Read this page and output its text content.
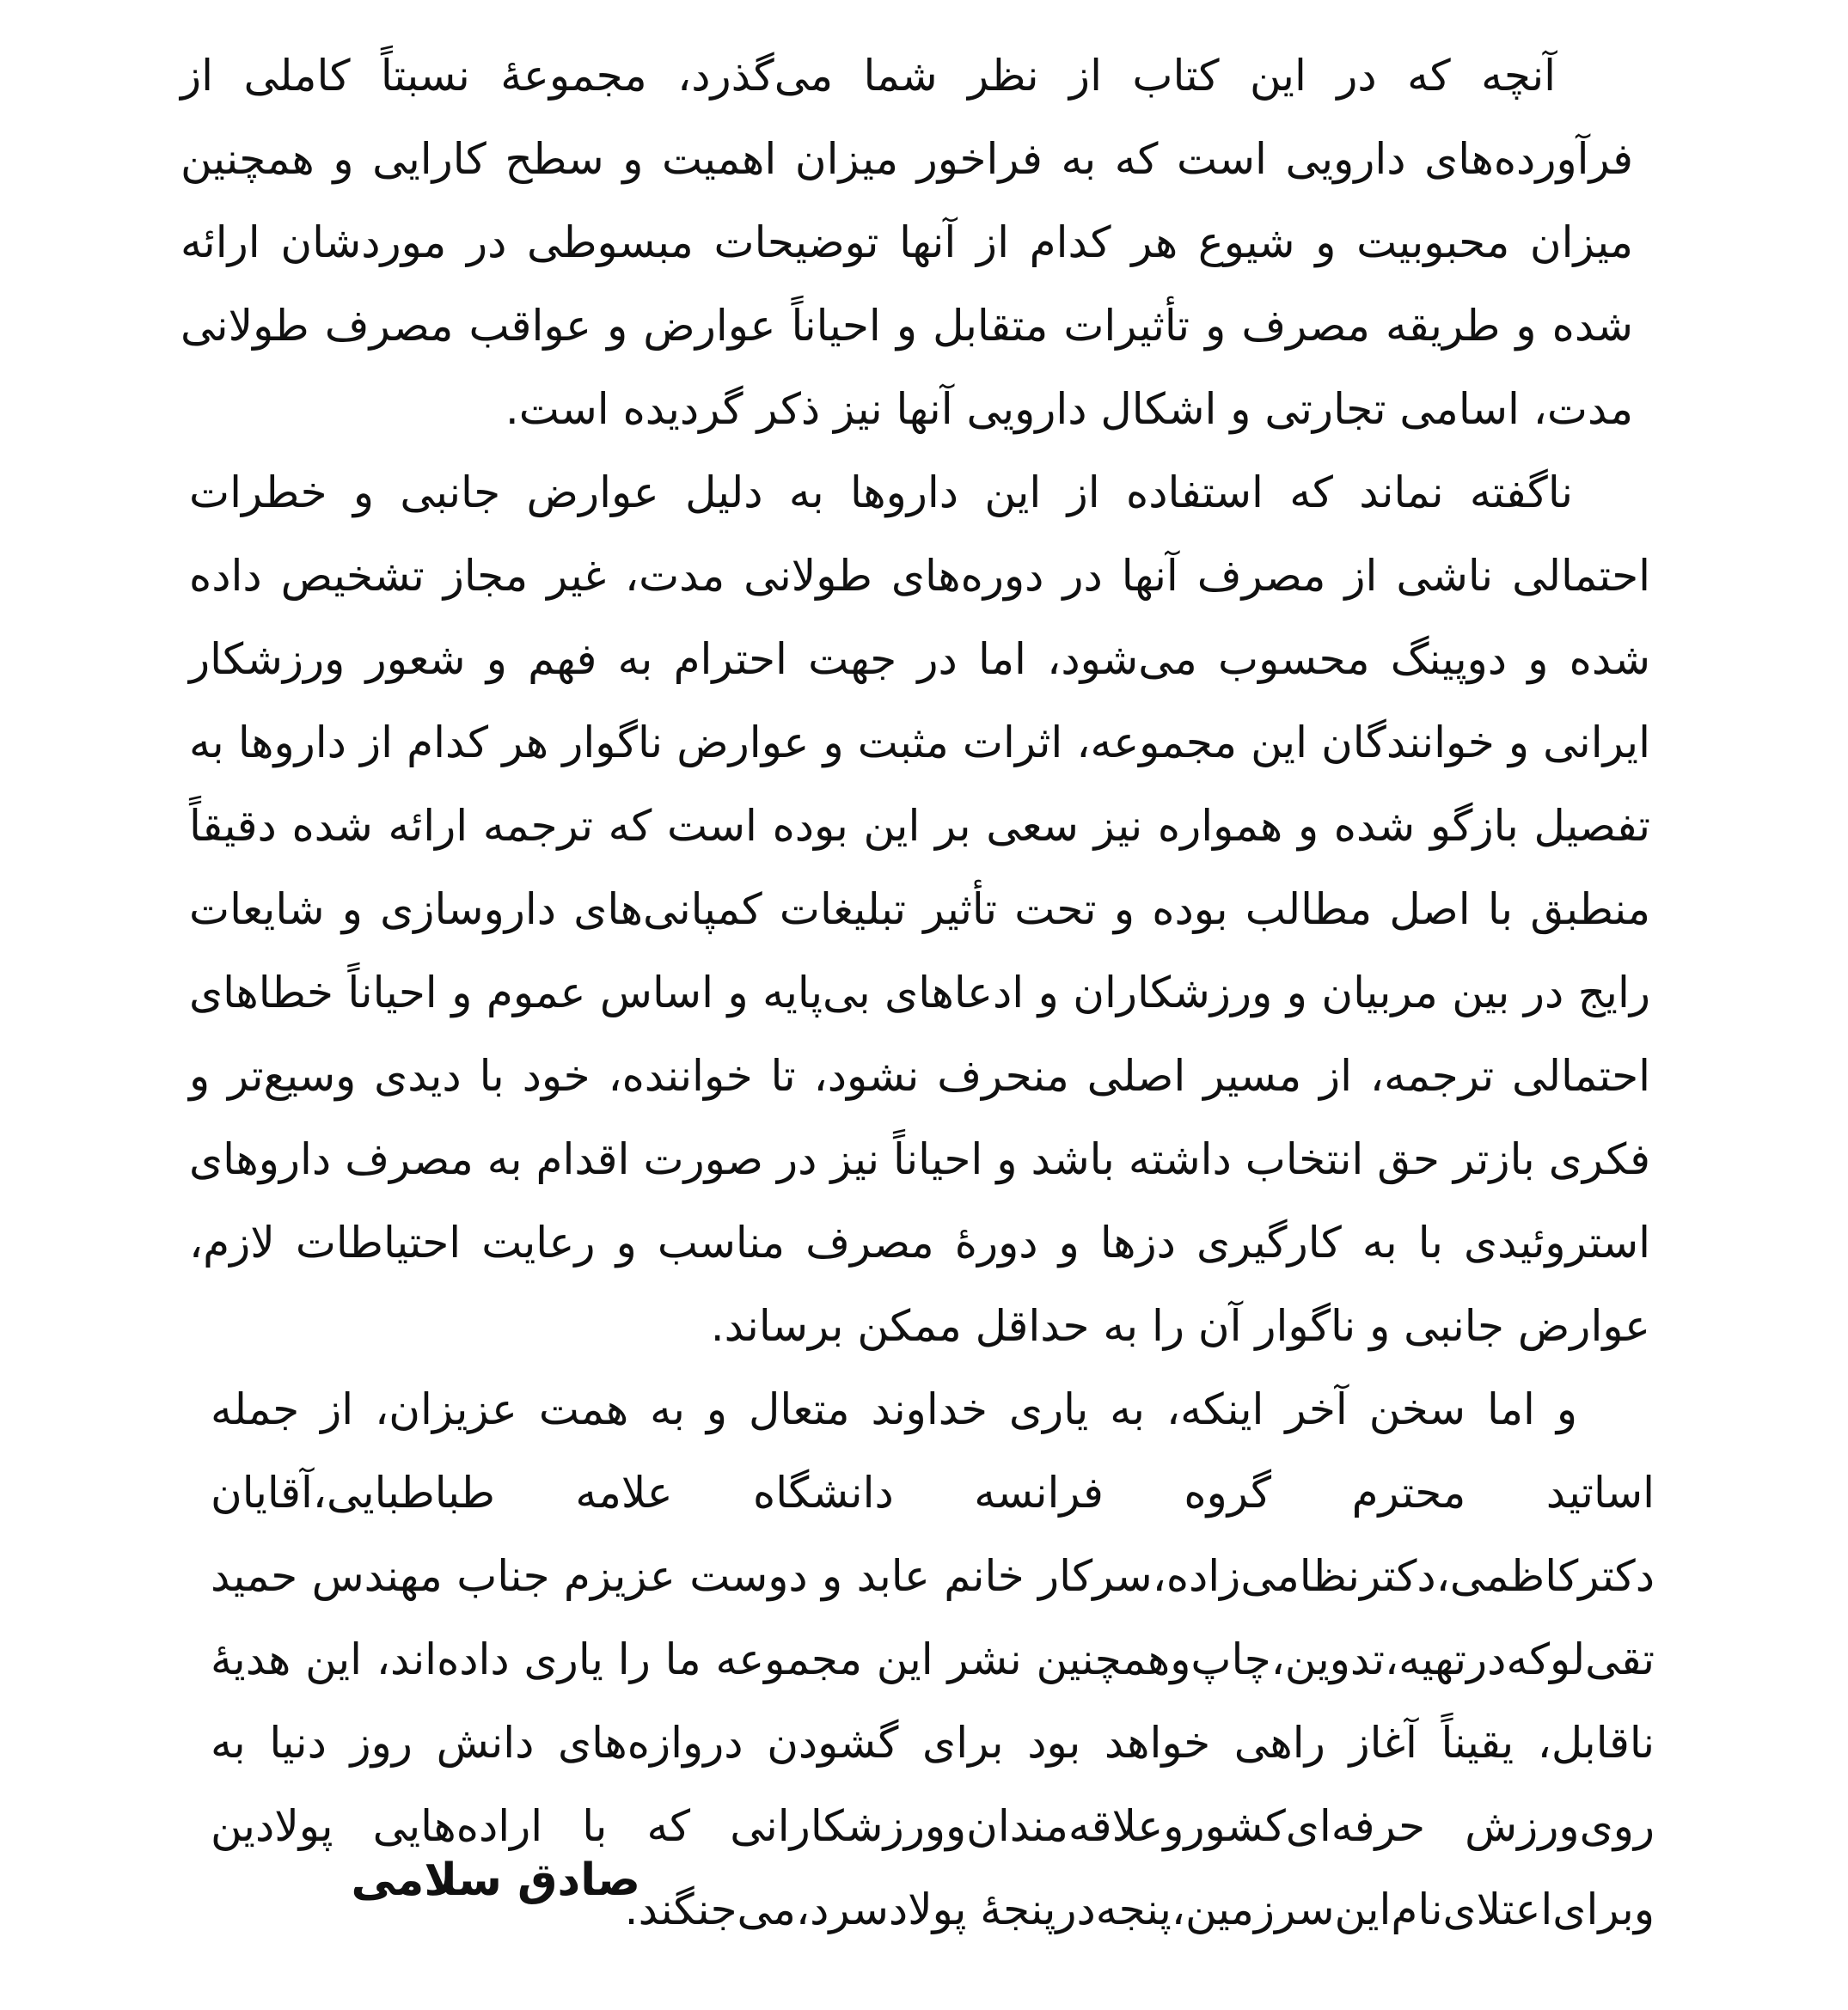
آنچه که در این کتاب از نظر شما می‌گذرد، مجموعهٔ نسبتاً کاملی از فرآورده‌های دارویی است که به فراخور میزان اهمیت و سطح کارایی و همچنین میزان محبوبیت و شیوع هر کدام از آنها توضیحات مبسوطی در موردشان ارائه شده و طریقه مصرف و تأثیرات متقابل و احیاناً عوارض و عواقب مصرف طولانی مدت، اسامی تجارتی و اشکال دارویی آنها نیز ذکر گردیده است.

ناگفته نماند که استفاده از این داروها به دلیل عوارض جانبی و خطرات احتمالی ناشی از مصرف آنها در دوره‌های طولانی مدت، غیر مجاز تشخیص داده شده و دوپینگ محسوب می‌شود، اما در جهت احترام به فهم و شعور ورزشکار ایرانی و خوانندگان این مجموعه، اثرات مثبت و عوارض ناگوار هر کدام از داروها به تفصیل بازگو شده و همواره نیز سعی بر این بوده است که ترجمه ارائه شده دقیقاً منطبق با اصل مطالب بوده و تحت تأثیر تبلیغات کمپانی‌های داروسازی و شایعات رایج در بین مربیان و ورزشکاران و ادعاهای بی‌پایه و اساس عموم و احیاناً خطاهای احتمالی ترجمه، از مسیر اصلی منحرف نشود، تا خواننده، خود با دیدی وسیع‌تر و فکری بازتر حق انتخاب داشته باشد و احیاناً نیز در صورت اقدام به مصرف داروهای استروئیدی با به کارگیری دزها و دورهٔ مصرف مناسب و رعایت احتیاطات لازم، عوارض جانبی و ناگوار آن را به حداقل ممکن برساند.

و اما سخن آخر اینکه، به یاری خداوند متعال و به همت عزیزان، از جمله اساتید محترم گروه فرانسه دانشگاه علامه طباطبایی،آقایان دکترکاظمی،دکترنظامی‌زاده،سرکار خانم عابد و دوست عزیزم جناب مهندس حمید تقی‌لوکه‌درتهیه،تدوین،چاپ‌وهمچنین نشر این مجموعه ما را یاری داده‌اند، این هدیهٔ ناقابل، یقیناً آغاز راهی خواهد بود برای گشودن دروازه‌های دانش روز دنیا به روی‌ورزش حرفه‌ای‌کشوروعلاقه‌مندان‌وورزشکارانی که با اراده‌هایی پولادین وبرای‌اعتلای‌نام‌این‌سرزمین،پنجه‌درپنجهٔ پولادسرد،می‌جنگند.

صادق سلامی
